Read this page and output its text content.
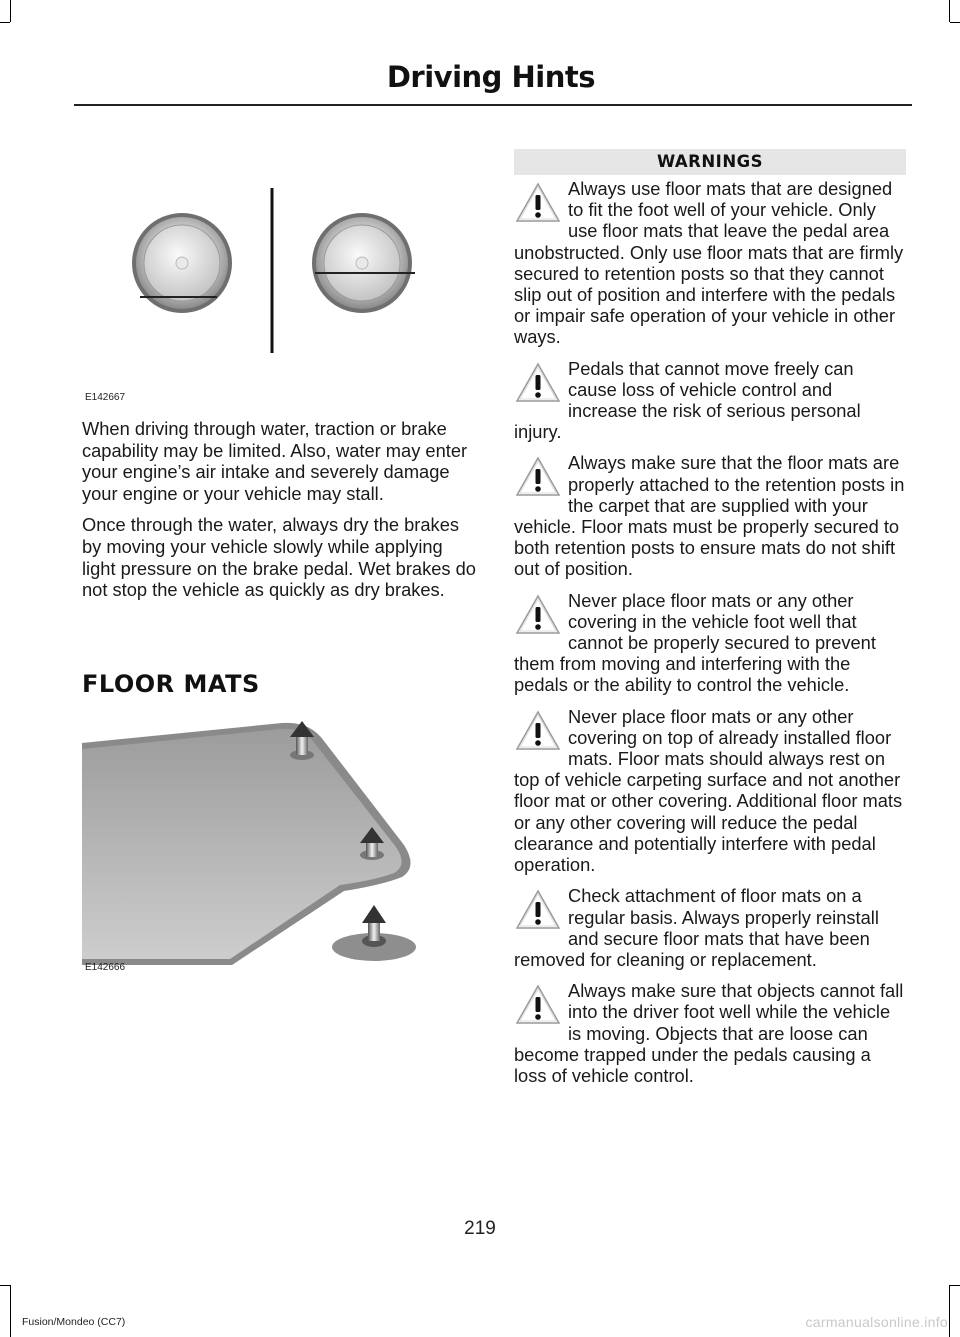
Driving Hints
E142667

When driving through water, traction or brake capability may be limited. Also, water may enter your engine’s air intake and severely damage your engine or your vehicle may stall.

Once through the water, always dry the brakes by moving your vehicle slowly while applying light pressure on the brake pedal. Wet brakes do not stop the vehicle as quickly as dry brakes.

FLOOR MATS
E142666
WARNINGS
Always use floor mats that are designed to fit the foot well of your vehicle. Only use floor mats that leave the pedal area unobstructed. Only use floor mats that are firmly secured to retention posts so that they cannot slip out of position and interfere with the pedals or impair safe operation of your vehicle in other ways.
Pedals that cannot move freely can cause loss of vehicle control and increase the risk of serious personal injury.
Always make sure that the floor mats are properly attached to the retention posts in the carpet that are supplied with your vehicle. Floor mats must be properly secured to both retention posts to ensure mats do not shift out of position.
Never place floor mats or any other covering in the vehicle foot well that cannot be properly secured to prevent them from moving and interfering with the pedals or the ability to control the vehicle.
Never place floor mats or any other covering on top of already installed floor mats. Floor mats should always rest on top of vehicle carpeting surface and not another floor mat or other covering. Additional floor mats or any other covering will reduce the pedal clearance and potentially interfere with pedal operation.
Check attachment of floor mats on a regular basis. Always properly reinstall and secure floor mats that have been removed for cleaning or replacement.
Always make sure that objects cannot fall into the driver foot well while the vehicle is moving. Objects that are loose can become trapped under the pedals causing a loss of vehicle control.
219
Fusion/Mondeo (CC7)	carmanualsonline.info
